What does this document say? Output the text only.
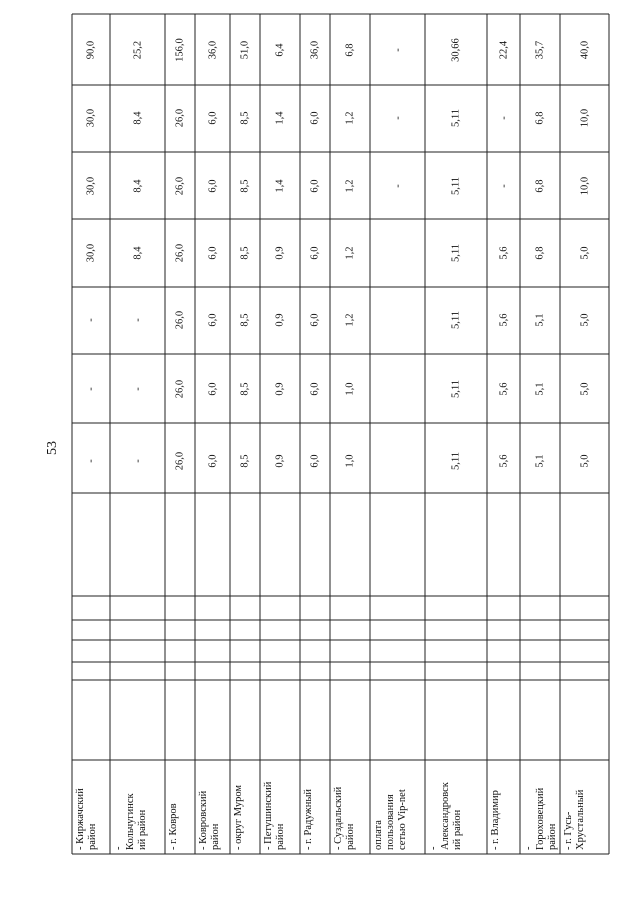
53
- Киржачский
район
-
-
-
30,0
30,0
30,0
90,0
-
Кольчугинск
ий район
-
-
-
8,4
8,4
8,4
25,2
- г. Ковров
26,0
26,0
26,0
26,0
26,0
26,0
156,0
- Ковровский
район
6,0
6,0
6,0
6,0
6,0
6,0
36,0
- округ Муром
8,5
8,5
8,5
8,5
8,5
8,5
51,0
- Петушинский
район
0,9
0,9
0,9
0,9
1,4
1,4
6,4
- г. Радужный
6,0
6,0
6,0
6,0
6,0
6,0
36,0
- Суздальский
район
1,0
1,0
1,2
1,2
1,2
1,2
6,8
оплата
пользования
сетью Vip-net
-
-
-
-
Александровск
ий район
5,11
5,11
5,11
5,11
5,11
5,11
30,66
- г. Владимир
5,6
5,6
5,6
5,6
-
-
22,4
-
Гороховецкий
район
5,1
5,1
5,1
6,8
6,8
6,8
35,7
- г. Гусь-
Хрустальный
5,0
5,0
5,0
5,0
10,0
10,0
40,0
